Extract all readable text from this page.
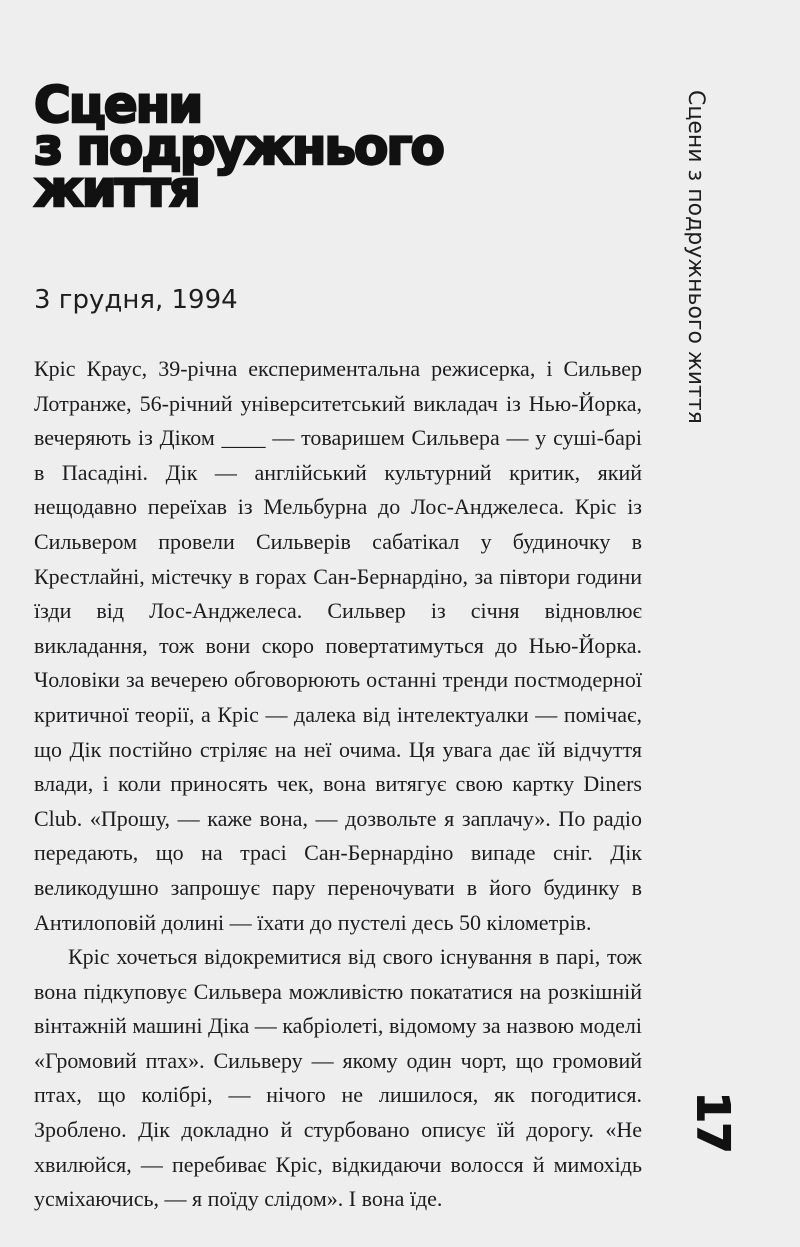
Сцени
з подружнього
життя	Сцени з подружнього життя
3 грудня, 1994

Кріс Краус, 39-річна експериментальна режисерка, і Сильвер Лотранже, 56-річний університетський викладач із Нью-Йорка, вечеряють із Діком ____ — товаришем Сильвера — у суші-барі в Пасадіні. Дік — англійський культурний критик, який нещодавно переїхав із Мельбурна до Лос-Анджелеса. Кріс із Сильвером провели Сильверів сабатікал у будиночку в Крестлайні, містечку в горах Сан-Бернардіно, за півтори години їзди від Лос-Анджелеса. Сильвер із січня відновлює викладання, тож вони скоро повертатимуться до Нью-Йорка. Чоловіки за вечерею обговорюють останні тренди постмодерної критичної теорії, а Кріс — далека від інтелектуалки — помічає, що Дік постійно стріляє на неї очима. Ця увага дає їй відчуття влади, і коли приносять чек, вона витягує свою картку Diners Club. «Прошу, — каже вона, — дозвольте я заплачу». По радіо передають, що на трасі Сан-Бернардіно випаде сніг. Дік великодушно запрошує пару переночувати в його будинку в Антилоповій долині — їхати до пустелі десь 50 кілометрів.

Кріс хочеться відокремитися від свого існування в парі, тож вона підкуповує Сильвера можливістю покататися на розкішній вінтажній машині Діка — кабріолеті, відомому за назвою моделі «Громовий птах». Сильверу — якому один чорт, що громовий птах, що колібрі, — нічого не лишилося, як погодитися. Зроблено. Дік докладно й стурбовано описує їй дорогу. «Не хвилюйся, — перебиває Кріс, відкидаючи волосся й мимохідь усміхаючись, — я поїду слідом». І вона їде.

17
